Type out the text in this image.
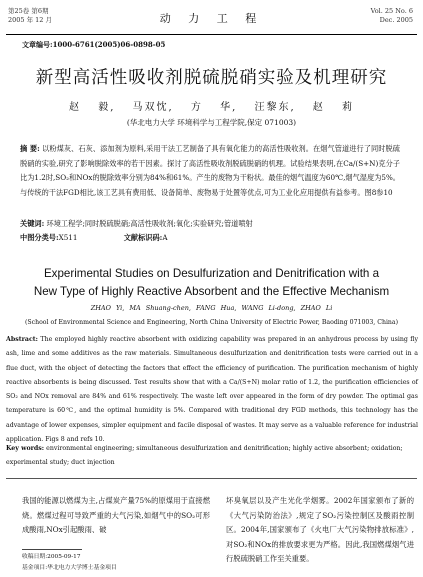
第25卷 第6期
2005 年 12 月	动 力 工 程
Vol. 25 No. 6
Dec. 2005
文章编号:1000-6761(2005)06-0898-05
新型高活性吸收剂脱硫脱硝实验及机理研究
赵 毅, 马双忱, 方 华, 汪黎东, 赵 莉
(华北电力大学 环境科学与工程学院,保定 071003)
摘 要: 以粉煤灰、石灰、添加剂为原料,采用干法工艺制备了具有氧化能力的高活性吸收剂。在烟气管道进行了同时脱硫脱硝的实验,研究了影响脱除效率的若干因素。探讨了高活性吸收剂脱硫脱硝的机理。试验结果表明,在Ca/(S+N)克分子比为1.2时,SO₂和NOx的脱除效率分别为84%和61%。产生的废物为干粉状。最佳的烟气温度为60℃,烟气湿度为5%。与传统的干法FGD相比,该工艺具有费用低、设备简单、废物易于处置等优点,可为工业化应用提供有益参考。图8参10
关键词: 环境工程学;同时脱硫脱硝;高活性吸收剂;氧化;实验研究;管道喷射
中图分类号:X511	文献标识码:A
Experimental Studies on Desulfurization and Denitrification with a
New Type of Highly Reactive Absorbent and the Effective Mechanism
ZHAO Yi, MA Shuang-chen, FANG Hua, WANG Li-dong, ZHAO Li
(School of Environmental Science and Engineering, North China University of Electric Power, Baoding 071003, China)
Abstract: The employed highly reactive absorbent with oxidizing capability was prepared in an anhydrous process by using fly ash, lime and some additives as the raw materials. Simultaneous desulfurization and denitrification tests were carried out in a flue duct, with the object of detecting the factors that effect the efficiency of purification. The purification mechanism of highly reactive absorbents is being discussed. Test results show that with a Ca/(S+N) molar ratio of 1.2, the purification efficiencies of SO₂ and NOx removal are 84% and 61% respectively. The waste left over appeared in the form of dry powder. The optimal gas temperature is 60℃, and the optimal humidity is 5%. Compared with traditional dry FGD methods, this technology has the advantage of lower expenses, simpler equipment and facile disposal of wastes. It may serve as a valuable reference for industrial application. Figs 8 and refs 10.
Key words: environmental engineering; simultaneous desulfurization and denitrification; highly active absorbent; oxidation; experimental study; duct injection
我国的能源以燃煤为主,占煤炭产量75%的原煤用于直接燃烧。燃煤过程可导致严重的大气污染,如烟气中的SO₂可形成酸雨,NOx引起酸雨、破
坏臭氧层以及产生光化学烟雾。2002年国家颁布了新的《大气污染防治法》,规定了SO₂污染控制区及酸雨控制区。2004年,国家颁布了《火电厂大气污染物排放标准》,对SO₂和NOx的排放要求更为严格。因此,我国燃煤烟气进行脱硫脱硝工作至关重要。
收稿日期:2005-09-17
基金项目:华北电力大学博士基金项目
